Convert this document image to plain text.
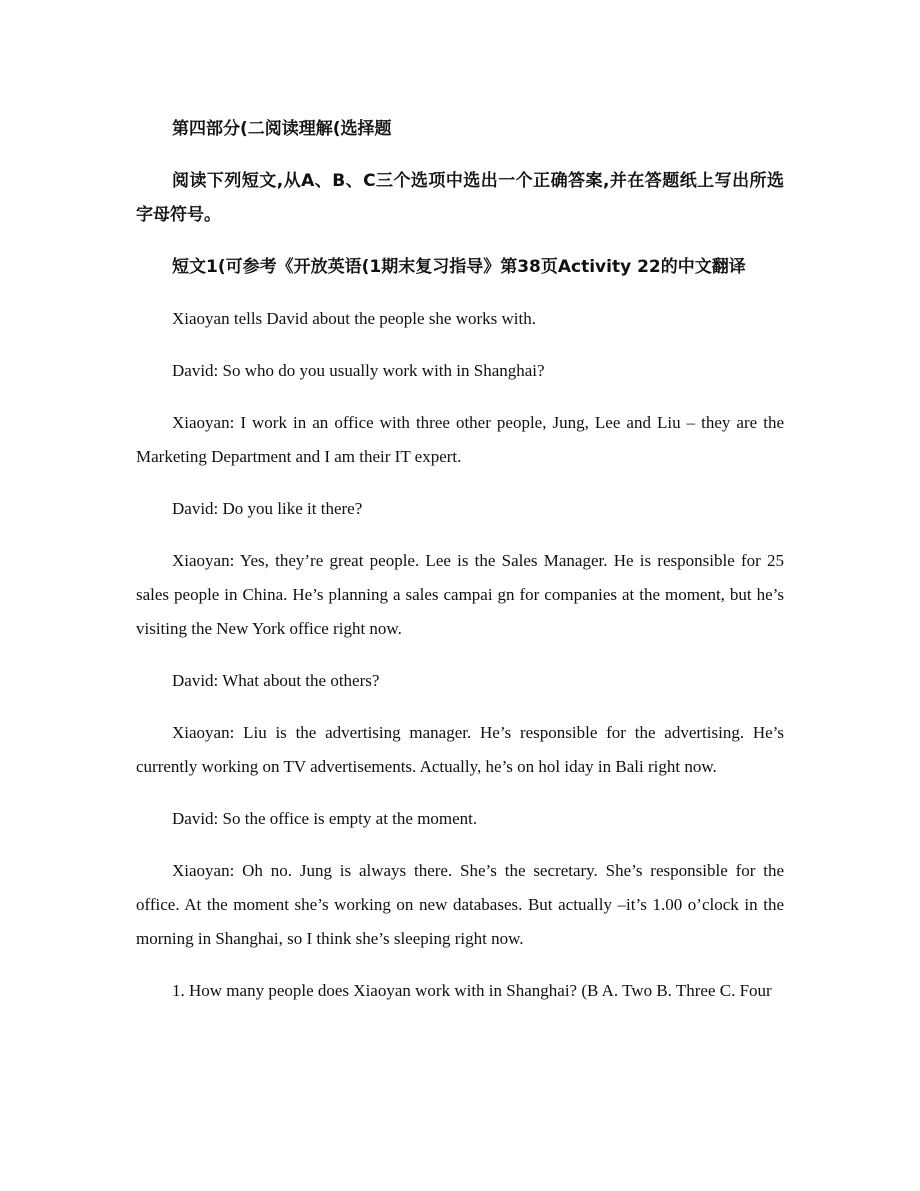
第四部分(二阅读理解(选择题

阅读下列短文,从A、B、C三个选项中选出一个正确答案,并在答题纸上写出所选字母符号。

短文1(可参考《开放英语(1期末复习指导》第38页Activity 22的中文翻译

Xiaoyan tells David about the people she works with.

David: So who do you usually work with in Shanghai?

Xiaoyan: I work in an office with three other people, Jung, Lee and Liu – they are the Marketing Department and I am their IT expert.

David: Do you like it there?

Xiaoyan: Yes, they’re great people. Lee is the Sales Manager. He is responsible for 25 sales people in China. He’s planning a sales campai gn for companies at the moment, but he’s visiting the New York office right now.

David: What about the others?

Xiaoyan: Liu is the advertising manager. He’s responsible for the advertising. He’s currently working on TV advertisements. Actually, he’s on hol iday in Bali right now.

David: So the office is empty at the moment.

Xiaoyan: Oh no. Jung is always there. She’s the secretary. She’s responsible for the office. At the moment she’s working on new databases. But actually –it’s 1.00 o’clock in the morning in Shanghai, so I think she’s sleeping right now.

1. How many people does Xiaoyan work with in Shanghai? (B A. Two B. Three C. Four
